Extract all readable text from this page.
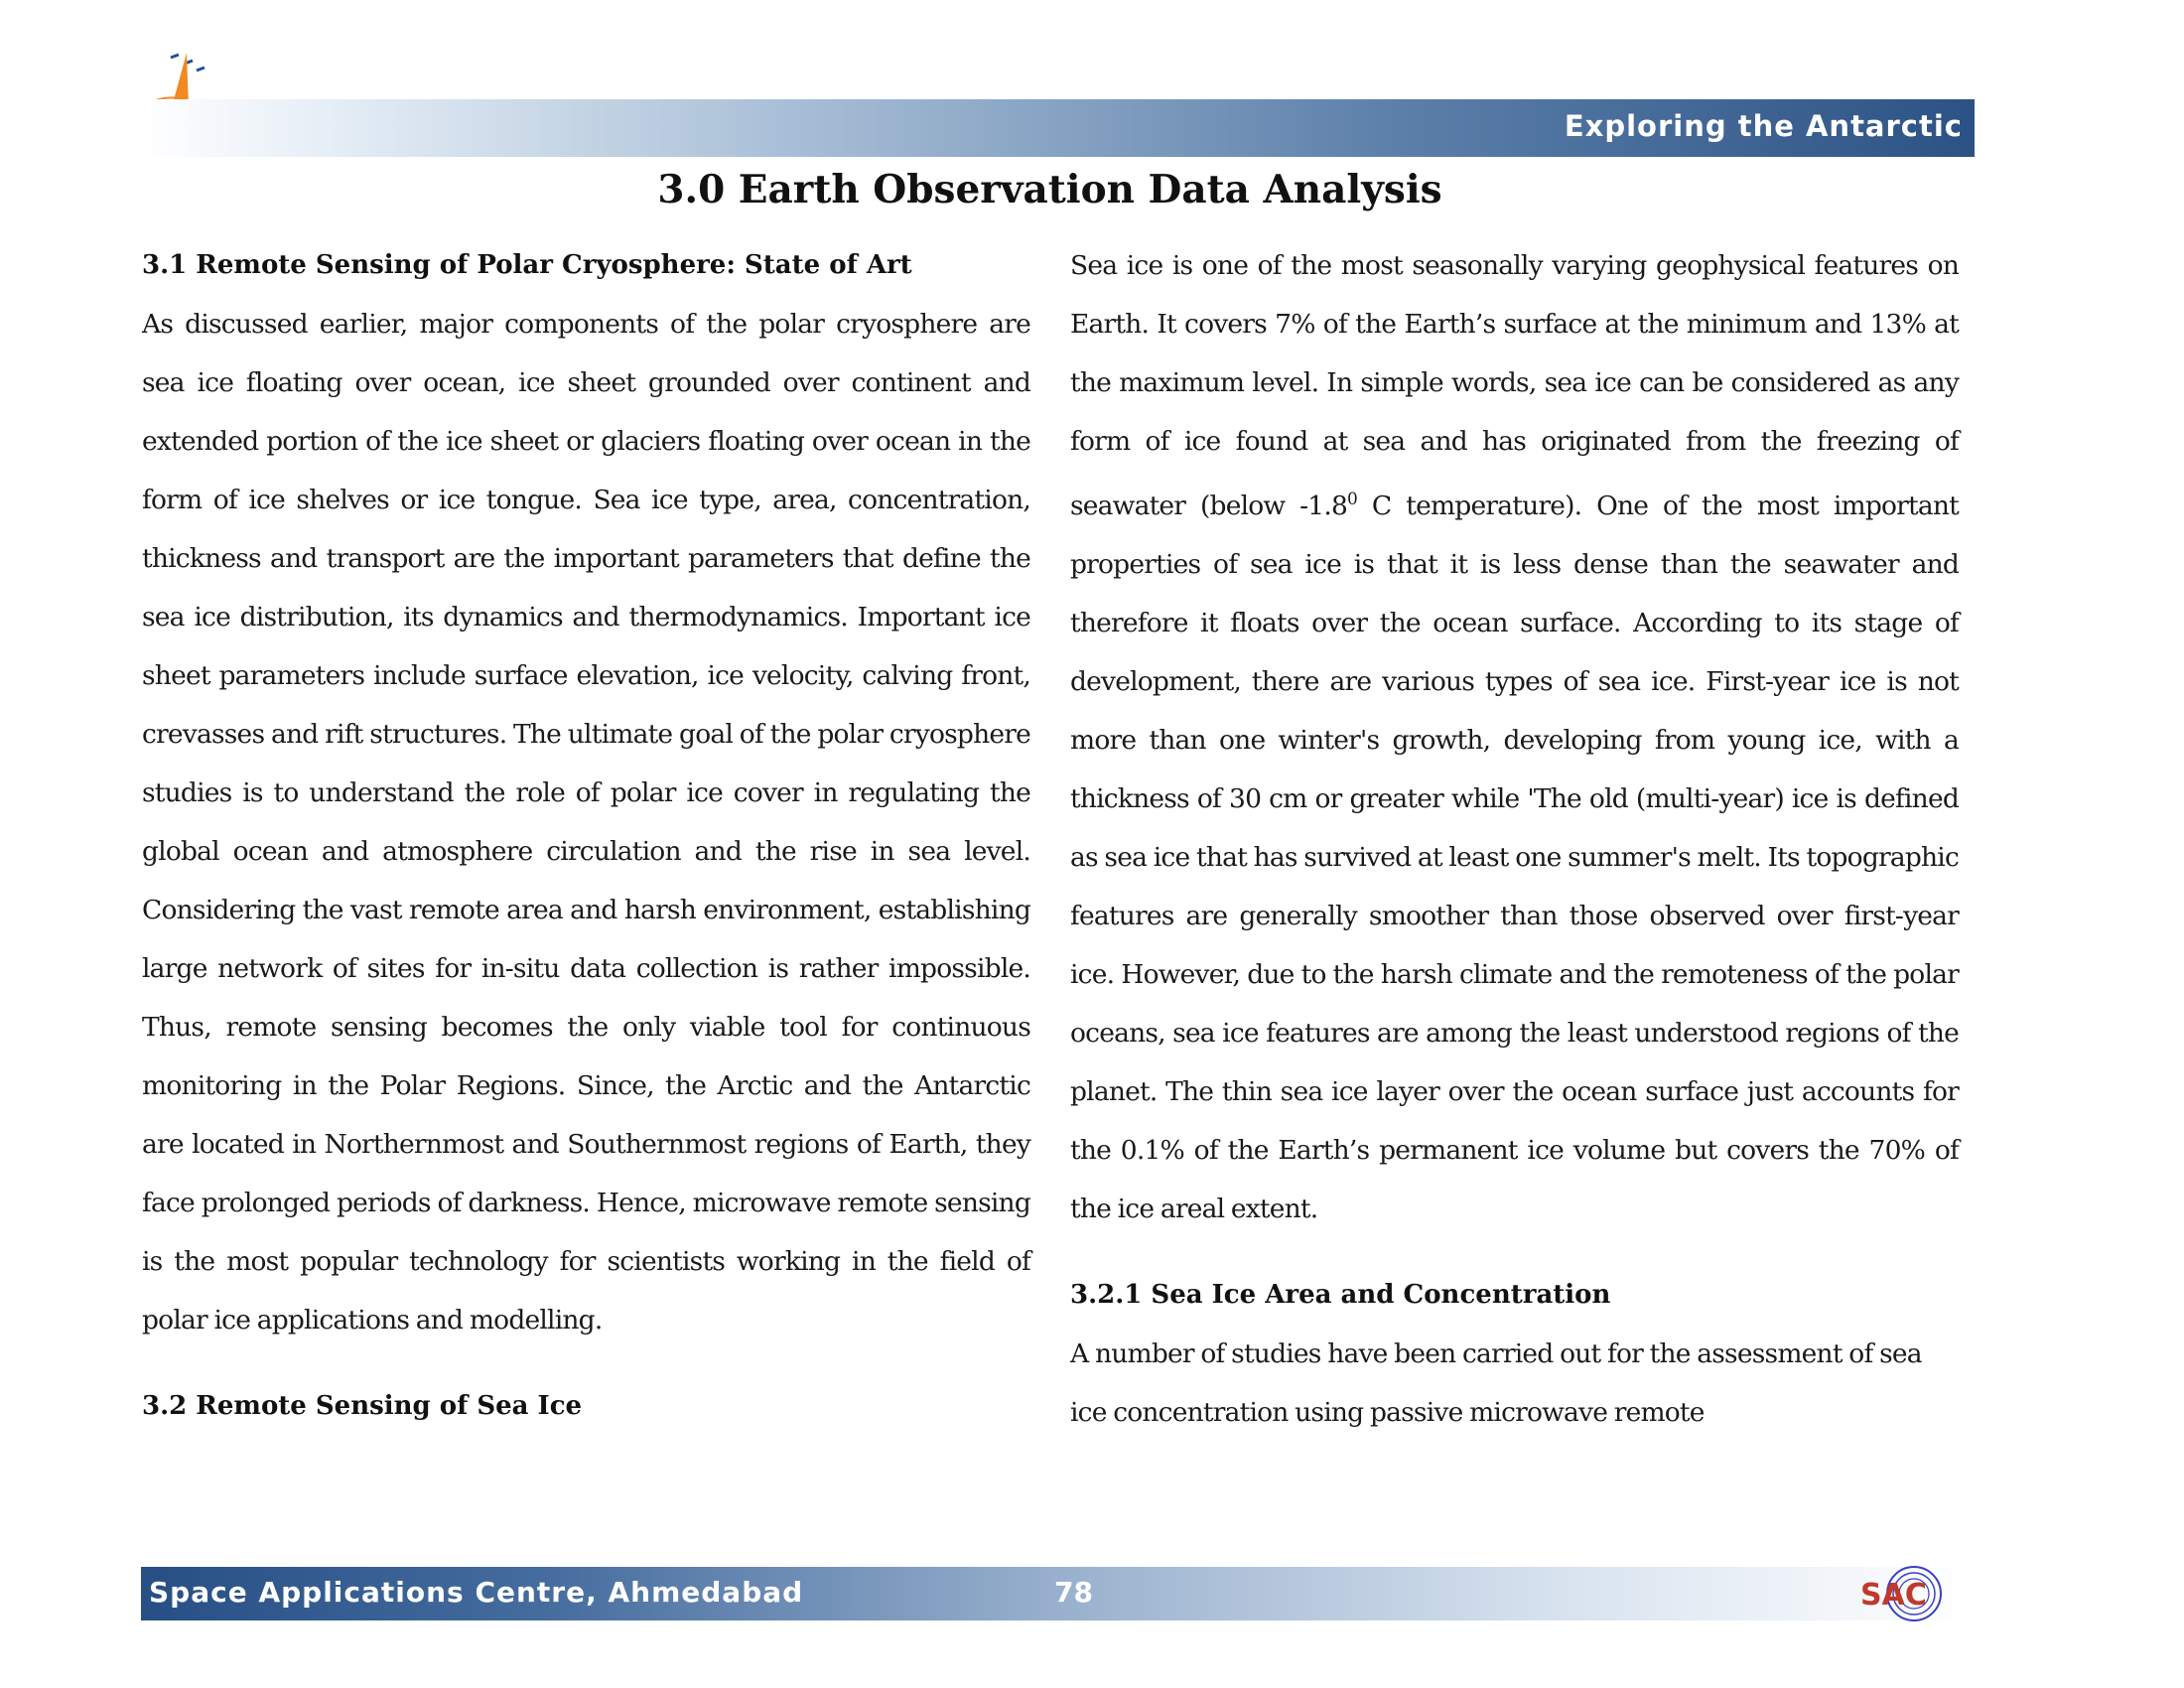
Exploring the Antarctic
3.0 Earth Observation Data Analysis

3.1 Remote Sensing of Polar Cryosphere: State of Art

As discussed earlier, major components of the polar cryosphere are sea ice floating over ocean, ice sheet grounded over continent and extended portion of the ice sheet or glaciers floating over ocean in the form of ice shelves or ice tongue. Sea ice type, area, concentration, thickness and transport are the important parameters that define the sea ice distribution, its dynamics and thermodynamics. Important ice sheet parameters include surface elevation, ice velocity, calving front, crevasses and rift structures. The ultimate goal of the polar cryosphere studies is to understand the role of polar ice cover in regulating the global ocean and atmosphere circulation and the rise in sea level. Considering the vast remote area and harsh environment, establishing large network of sites for in-situ data collection is rather impossible. Thus, remote sensing becomes the only viable tool for continuous monitoring in the Polar Regions. Since, the Arctic and the Antarctic are located in Northernmost and Southernmost regions of Earth, they face prolonged periods of darkness. Hence, microwave remote sensing is the most popular technology for scientists working in the field of polar ice applications and modelling.

3.2 Remote Sensing of Sea Ice

Sea ice is one of the most seasonally varying geophysical features on Earth. It covers 7% of the Earth’s surface at the minimum and 13% at the maximum level. In simple words, sea ice can be considered as any form of ice found at sea and has originated from the freezing of seawater (below $-1.8^0$ C temperature). One of the most important properties of sea ice is that it is less dense than the seawater and therefore it floats over the ocean surface. According to its stage of development, there are various types of sea ice. First-year ice is not more than one winter's growth, developing from young ice, with a thickness of 30 cm or greater while 'The old (multi-year) ice is defined as sea ice that has survived at least one summer's melt. Its topographic features are generally smoother than those observed over first-year ice. However, due to the harsh climate and the remoteness of the polar oceans, sea ice features are among the least understood regions of the planet. The thin sea ice layer over the ocean surface just accounts for the 0.1% of the Earth’s permanent ice volume but covers the 70% of the ice areal extent.

3.2.1 Sea Ice Area and Concentration

A number of studies have been carried out for the assessment of sea ice concentration using passive microwave remote

Space Applications Centre, Ahmedabad	78	SAC
